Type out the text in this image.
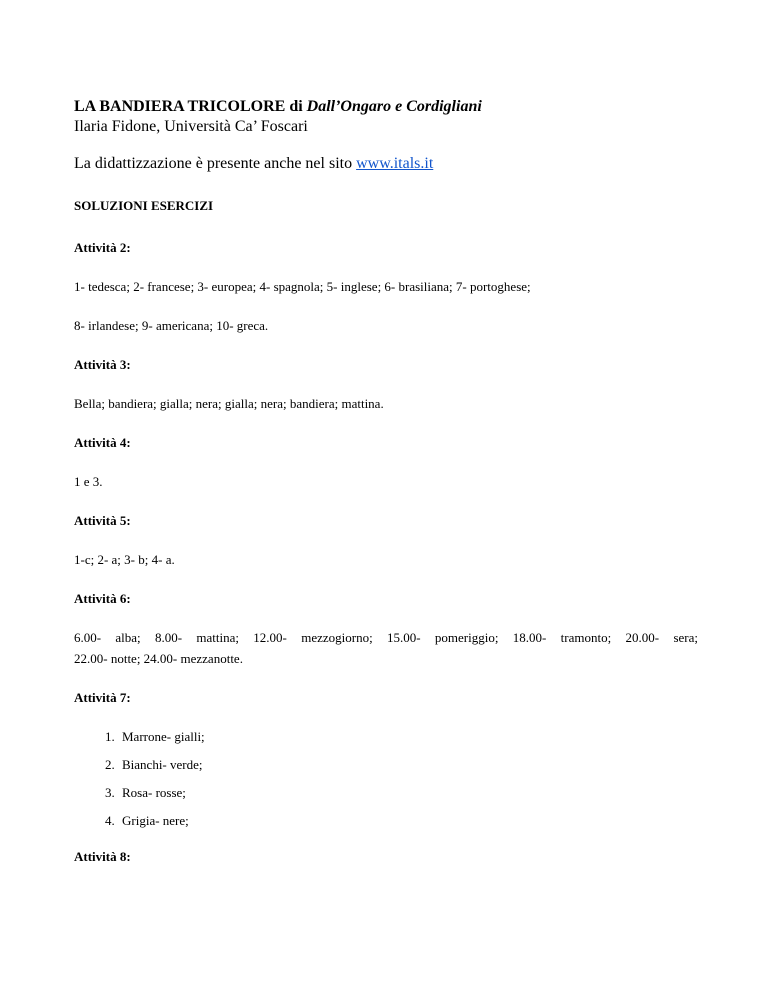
LA BANDIERA TRICOLORE di Dall’Ongaro e Cordigliani
Ilaria Fidone, Università Ca’ Foscari
La didattizzazione è presente anche nel sito www.itals.it
SOLUZIONI ESERCIZI
Attività 2:
1- tedesca; 2- francese; 3- europea; 4- spagnola; 5- inglese; 6- brasiliana; 7- portoghese;
8- irlandese; 9- americana; 10- greca.
Attività 3:
Bella; bandiera; gialla; nera; gialla; nera; bandiera; mattina.
Attività 4:
1 e 3.
Attività 5:
1-c; 2- a; 3- b; 4- a.
Attività 6:
6.00- alba; 8.00- mattina; 12.00- mezzogiorno; 15.00- pomeriggio; 18.00- tramonto; 20.00- sera;
22.00- notte; 24.00- mezzanotte.
Attività 7:
1. Marrone- gialli;
2. Bianchi- verde;
3. Rosa- rosse;
4. Grigia- nere;
Attività 8:
